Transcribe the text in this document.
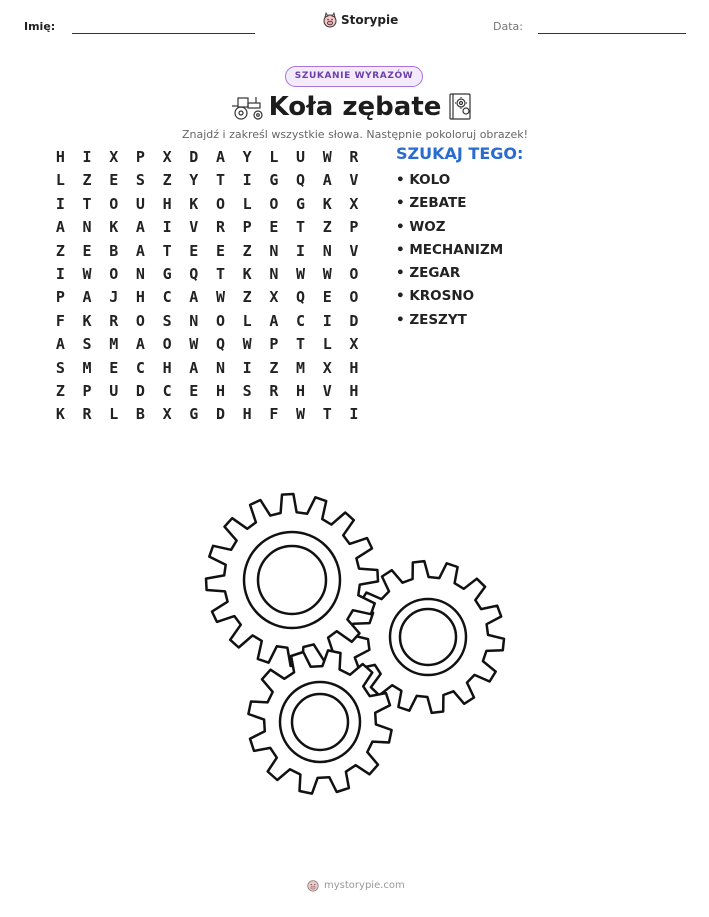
Imię:	Storypie	Data:
SZUKANIE WYRAZÓW
Koła zębate
Znajdź i zakreśl wszystkie słowa. Następnie pokoloruj obrazek!
H	I	X	P	X	D	A	Y	L	U	W	R
L	Z	E	S	Z	Y	T	I	G	Q	A	V
I	T	O	U	H	K	O	L	O	G	K	X
A	N	K	A	I	V	R	P	E	T	Z	P
Z	E	B	A	T	E	E	Z	N	I	N	V
I	W	O	N	G	Q	T	K	N	W	W	O
P	A	J	H	C	A	W	Z	X	Q	E	O
F	K	R	O	S	N	O	L	A	C	I	D
A	S	M	A	O	W	Q	W	P	T	L	X
S	M	E	C	H	A	N	I	Z	M	X	H
Z	P	U	D	C	E	H	S	R	H	V	H
K	R	L	B	X	G	D	H	F	W	T	I
SZUKAJ TEGO:
• KOLO
• ZEBATE
• WOZ
• MECHANIZM
• ZEGAR
• KROSNO
• ZESZYT
mystorypie.com
